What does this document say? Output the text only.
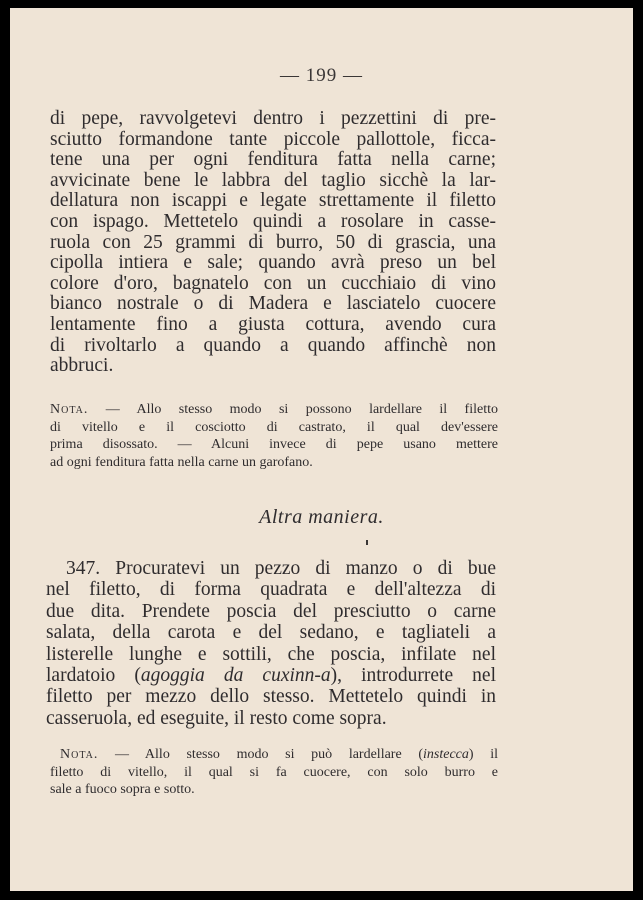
— 199 —
di pepe, ravvolgetevi dentro i pezzettini di pre-
sciutto formandone tante piccole pallottole, ficca-
tene una per ogni fenditura fatta nella carne;
avvicinate bene le labbra del taglio sicchè la lar-
dellatura non iscappi e legate strettamente il filetto
con ispago. Mettetelo quindi a rosolare in casse-
ruola con 25 grammi di burro, 50 di grascia, una
cipolla intiera e sale; quando avrà preso un bel
colore d'oro, bagnatelo con un cucchiaio di vino
bianco nostrale o di Madera e lasciatelo cuocere
lentamente fino a giusta cottura, avendo cura
di rivoltarlo a quando a quando affinchè non
abbruci.
Nota. — Allo stesso modo si possono lardellare il filetto
di vitello e il cosciotto di castrato, il qual dev'essere
prima disossato. — Alcuni invece di pepe usano mettere
ad ogni fenditura fatta nella carne un garofano.
Altra maniera.
347. Procuratevi un pezzo di manzo o di bue
nel filetto, di forma quadrata e dell'altezza di
due dita. Prendete poscia del presciutto o carne
salata, della carota e del sedano, e tagliateli a
listerelle lunghe e sottili, che poscia, infilate nel
lardatoio (agoggia da cuxinn-a), introdurrete nel
filetto per mezzo dello stesso. Mettetelo quindi in
casseruola, ed eseguite, il resto come sopra.
Nota. — Allo stesso modo si può lardellare (instecca) il
filetto di vitello, il qual si fa cuocere, con solo burro e
sale a fuoco sopra e sotto.
